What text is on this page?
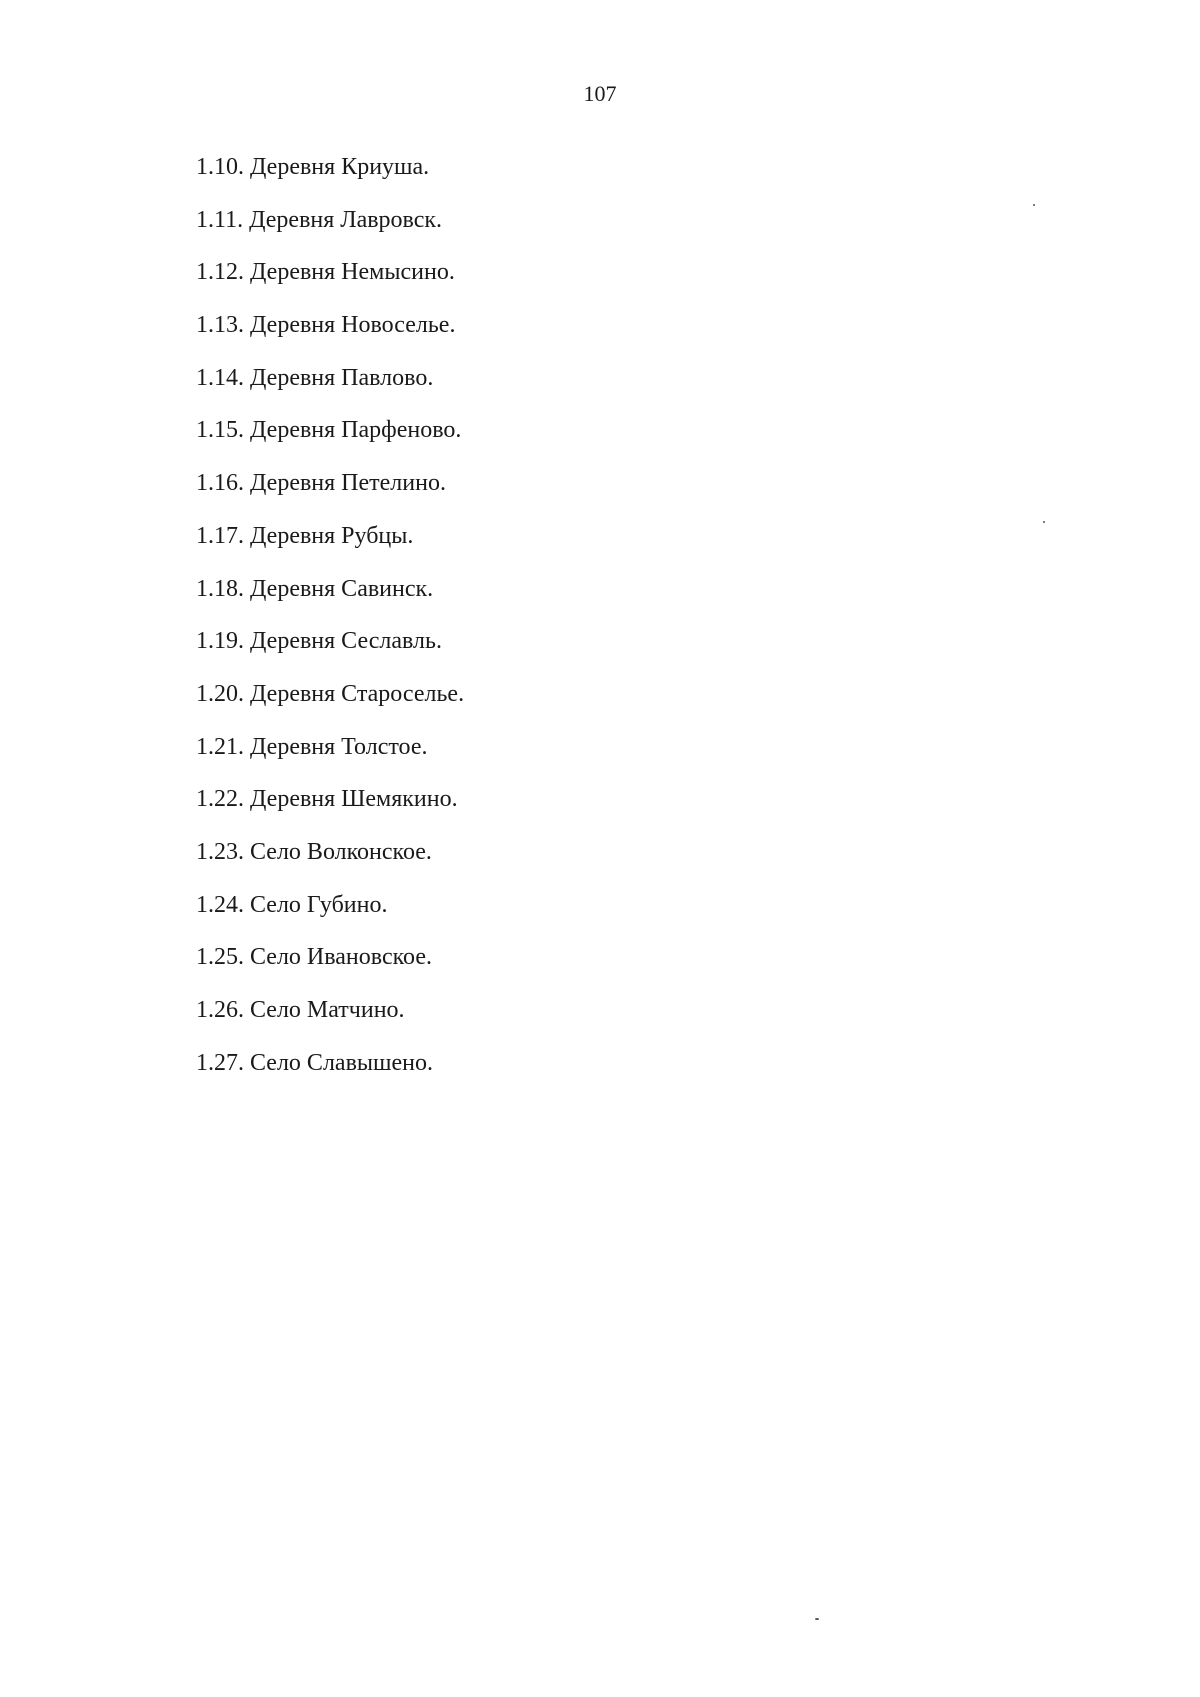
107
1.10. Деревня Криуша.
1.11. Деревня Лавровск.
1.12. Деревня Немысино.
1.13. Деревня Новоселье.
1.14. Деревня Павлово.
1.15. Деревня Парфеново.
1.16. Деревня Петелино.
1.17. Деревня Рубцы.
1.18. Деревня Савинск.
1.19. Деревня Сеславль.
1.20. Деревня Староселье.
1.21. Деревня Толстое.
1.22. Деревня Шемякино.
1.23. Село Волконское.
1.24. Село Губино.
1.25. Село Ивановское.
1.26. Село Матчино.
1.27. Село Славышено.
